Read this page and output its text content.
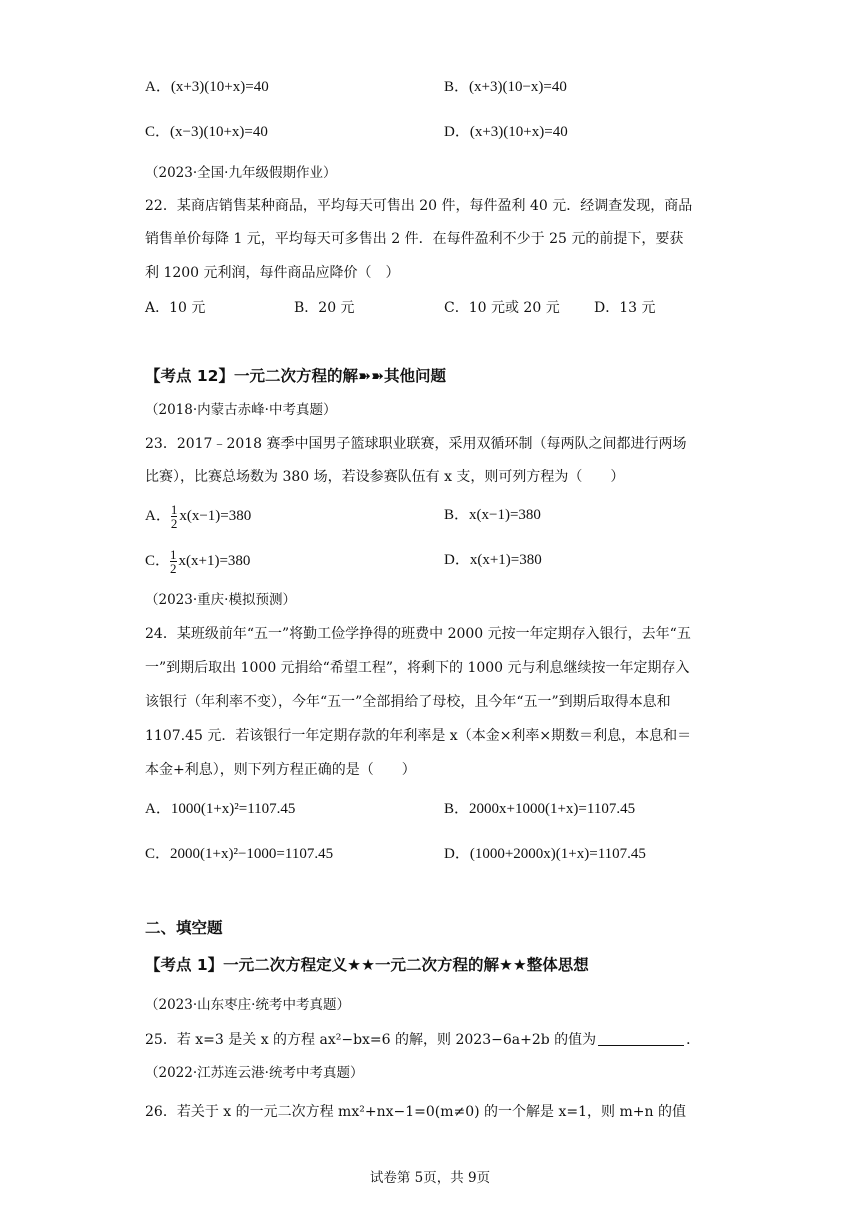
A．(x+3)(10+x)=40	B．(x+3)(10−x)=40
C．(x−3)(10+x)=40	D．(x+3)(10+x)=40
（2023·全国·九年级假期作业）
22．某商店销售某种商品，平均每天可售出 20 件，每件盈利 40 元．经调查发现，商品
销售单价每降 1 元，平均每天可多售出 2 件．在每件盈利不少于 25 元的前提下，要获
利 1200 元利润，每件商品应降价（　）
A．10 元	B．20 元	C．10 元或 20 元 D．13 元
【考点 12】一元二次方程的解➽➽其他问题
（2018·内蒙古赤峰·中考真题）
23．2017﹣2018 赛季中国男子篮球职业联赛，采用双循环制（每两队之间都进行两场
比赛），比赛总场数为 380 场，若设参赛队伍有 x 支，则可列方程为（　　）
A． $\frac{1}{2} x(x-1)=380$	B．x(x−1)=380
C． $\frac{1}{2} x(x+1)=380$	D．x(x+1)=380
（2023·重庆·模拟预测）
24．某班级前年“五一”将勤工俭学挣得的班费中 2000 元按一年定期存入银行，去年“五
一”到期后取出 1000 元捐给“希望工程”，将剩下的 1000 元与利息继续按一年定期存入
该银行（年利率不变），今年“五一”全部捐给了母校，且今年“五一”到期后取得本息和
1107.45 元．若该银行一年定期存款的年利率是 x（本金×利率×期数＝利息，本息和＝
本金+利息），则下列方程正确的是（　　）
A．1000(1+x)²=1107.45	B．2000x+1000(1+x)=1107.45
C．2000(1+x)²−1000=1107.45	D．(1000+2000x)(1+x)=1107.45
二、填空题
【考点 1】一元二次方程定义★★一元二次方程的解★★整体思想
（2023·山东枣庄·统考中考真题）
25．若 x=3 是关 x 的方程 ax²−bx=6 的解，则 2023−6a+2b 的值为	．
（2022·江苏连云港·统考中考真题）
26．若关于 x 的一元二次方程 mx²+nx−1=0(m≠0) 的一个解是 x=1，则 m+n 的值
试卷第 5页，共 9页
